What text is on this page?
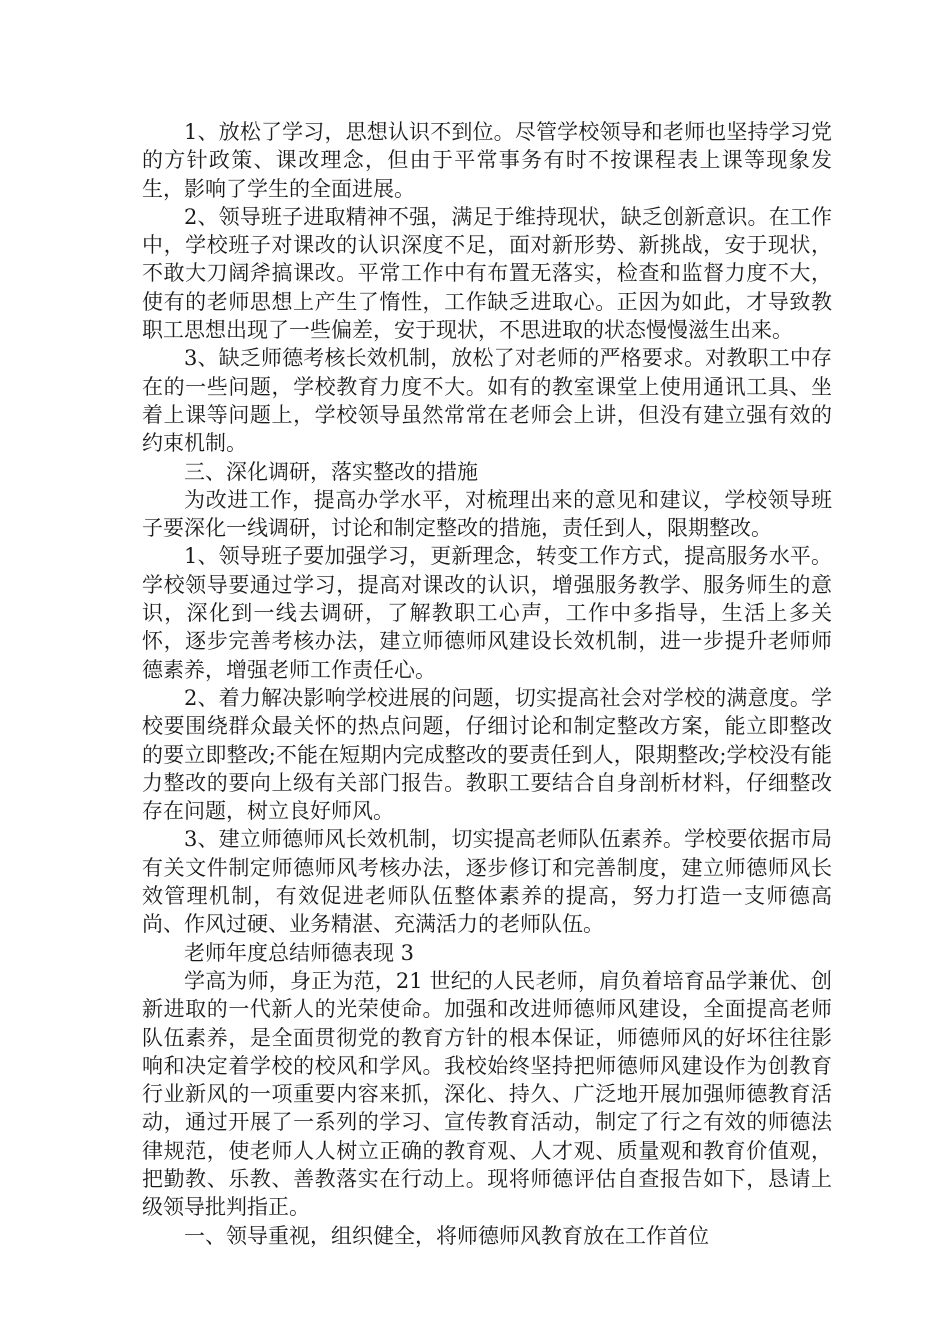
1、放松了学习，思想认识不到位。尽管学校领导和老师也坚持学习党的方针政策、课改理念，但由于平常事务有时不按课程表上课等现象发生，影响了学生的全面进展。

2、领导班子进取精神不强，满足于维持现状，缺乏创新意识。在工作中，学校班子对课改的认识深度不足，面对新形势、新挑战，安于现状，不敢大刀阔斧搞课改。平常工作中有布置无落实，检查和监督力度不大，使有的老师思想上产生了惰性，工作缺乏进取心。正因为如此，才导致教职工思想出现了一些偏差，安于现状，不思进取的状态慢慢滋生出来。

3、缺乏师德考核长效机制，放松了对老师的严格要求。对教职工中存在的一些问题，学校教育力度不大。如有的教室课堂上使用通讯工具、坐着上课等问题上，学校领导虽然常常在老师会上讲，但没有建立强有效的约束机制。

三、深化调研，落实整改的措施

为改进工作，提高办学水平，对梳理出来的意见和建议，学校领导班子要深化一线调研，讨论和制定整改的措施，责任到人，限期整改。

1、领导班子要加强学习，更新理念，转变工作方式，提高服务水平。学校领导要通过学习，提高对课改的认识，增强服务教学、服务师生的意识，深化到一线去调研，了解教职工心声，工作中多指导，生活上多关怀，逐步完善考核办法，建立师德师风建设长效机制，进一步提升老师师德素养，增强老师工作责任心。

2、着力解决影响学校进展的问题，切实提高社会对学校的满意度。学校要围绕群众最关怀的热点问题，仔细讨论和制定整改方案，能立即整改的要立即整改;不能在短期内完成整改的要责任到人，限期整改;学校没有能力整改的要向上级有关部门报告。教职工要结合自身剖析材料，仔细整改存在问题，树立良好师风。

3、建立师德师风长效机制，切实提高老师队伍素养。学校要依据市局有关文件制定师德师风考核办法，逐步修订和完善制度，建立师德师风长效管理机制，有效促进老师队伍整体素养的提高，努力打造一支师德高尚、作风过硬、业务精湛、充满活力的老师队伍。

老师年度总结师德表现 3

学高为师，身正为范，21 世纪的人民老师，肩负着培育品学兼优、创新进取的一代新人的光荣使命。加强和改进师德师风建设，全面提高老师队伍素养，是全面贯彻党的教育方针的根本保证，师德师风的好坏往往影响和决定着学校的校风和学风。我校始终坚持把师德师风建设作为创教育行业新风的一项重要内容来抓，深化、持久、广泛地开展加强师德教育活动，通过开展了一系列的学习、宣传教育活动，制定了行之有效的师德法律规范，使老师人人树立正确的教育观、人才观、质量观和教育价值观，把勤教、乐教、善教落实在行动上。现将师德评估自查报告如下，恳请上级领导批判指正。

一、领导重视，组织健全，将师德师风教育放在工作首位
